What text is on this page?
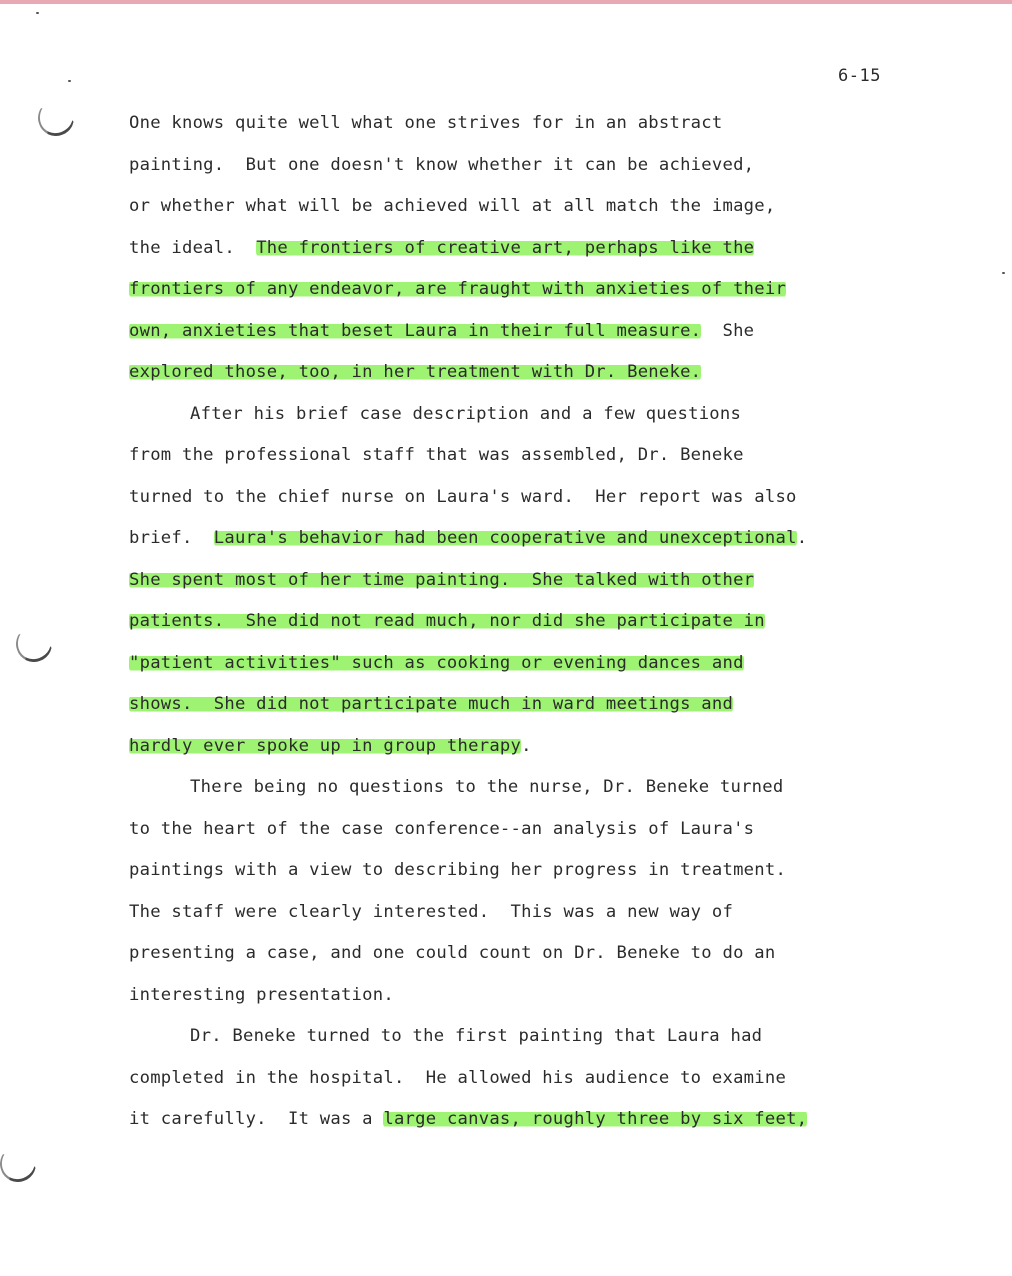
6-15
One knows quite well what one strives for in an abstract
painting.  But one doesn't know whether it can be achieved,
or whether what will be achieved will at all match the image,
the ideal.  The frontiers of creative art, perhaps like the
frontiers of any endeavor, are fraught with anxieties of their
own, anxieties that beset Laura in their full measure.  She
explored those, too, in her treatment with Dr. Beneke.
After his brief case description and a few questions
from the professional staff that was assembled, Dr. Beneke
turned to the chief nurse on Laura's ward.  Her report was also
brief.  Laura's behavior had been cooperative and unexceptional.
She spent most of her time painting.  She talked with other
patients.  She did not read much, nor did she participate in
"patient activities" such as cooking or evening dances and
shows.  She did not participate much in ward meetings and
hardly ever spoke up in group therapy.
There being no questions to the nurse, Dr. Beneke turned
to the heart of the case conference--an analysis of Laura's
paintings with a view to describing her progress in treatment.
The staff were clearly interested.  This was a new way of
presenting a case, and one could count on Dr. Beneke to do an
interesting presentation.
Dr. Beneke turned to the first painting that Laura had
completed in the hospital.  He allowed his audience to examine
it carefully.  It was a large canvas, roughly three by six feet,
